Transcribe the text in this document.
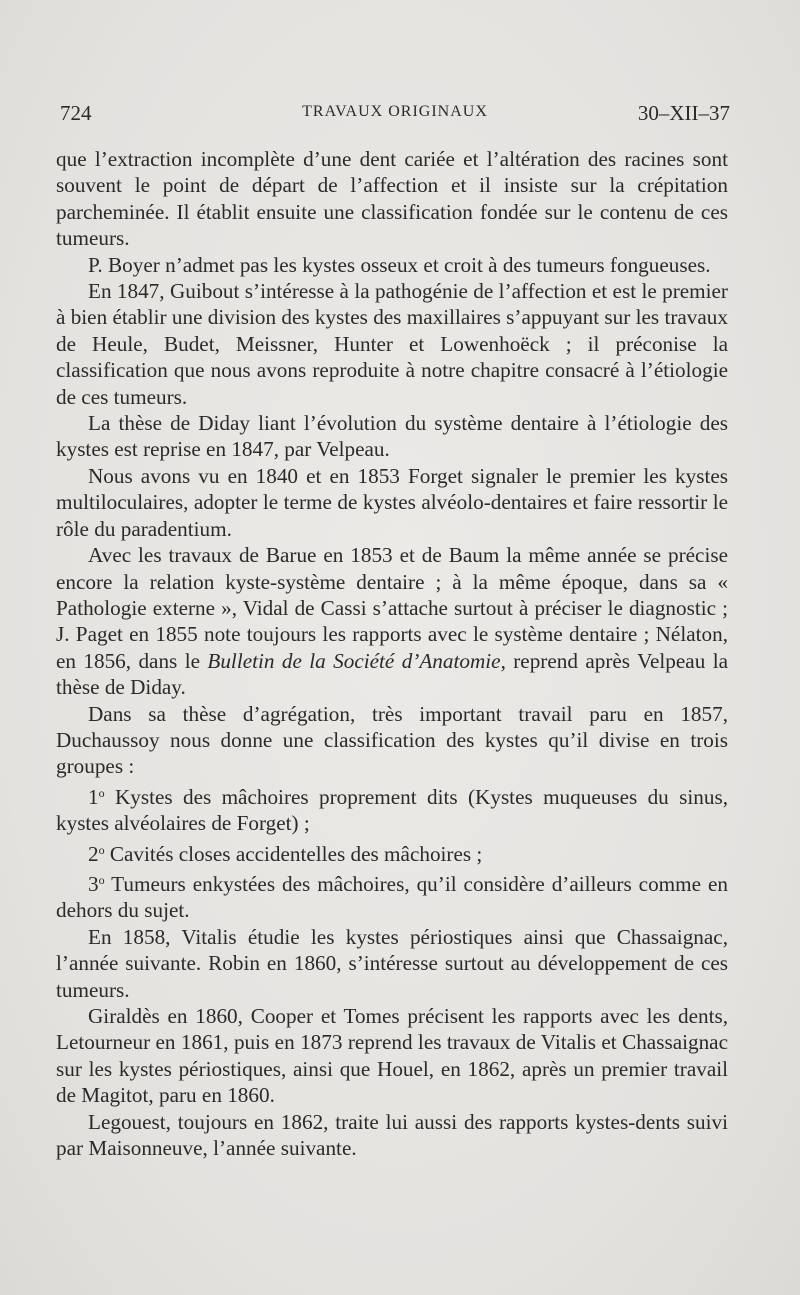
724	TRAVAUX ORIGINAUX	30–XII–37

que l’extraction incomplète d’une dent cariée et l’altération des racines sont souvent le point de départ de l’affection et il insiste sur la crépitation parcheminée. Il établit ensuite une classification fondée sur le contenu de ces tumeurs.

P. Boyer n’admet pas les kystes osseux et croit à des tumeurs fongueuses.

En 1847, Guibout s’intéresse à la pathogénie de l’affection et est le premier à bien établir une division des kystes des maxillaires s’appuyant sur les travaux de Heule, Budet, Meissner, Hunter et Lowenhoëck ; il préconise la classification que nous avons reproduite à notre chapitre consacré à l’étiologie de ces tumeurs.

La thèse de Diday liant l’évolution du système dentaire à l’étiologie des kystes est reprise en 1847, par Velpeau.

Nous avons vu en 1840 et en 1853 Forget signaler le premier les kystes multiloculaires, adopter le terme de kystes alvéolo-dentaires et faire ressortir le rôle du paradentium.

Avec les travaux de Barue en 1853 et de Baum la même année se précise encore la relation kyste-système dentaire ; à la même époque, dans sa « Pathologie externe », Vidal de Cassi s’attache surtout à préciser le diagnostic ; J. Paget en 1855 note toujours les rapports avec le système dentaire ; Nélaton, en 1856, dans le Bulletin de la Société d’Anatomie, reprend après Velpeau la thèse de Diday.

Dans sa thèse d’agrégation, très important travail paru en 1857, Duchaussoy nous donne une classification des kystes qu’il divise en trois groupes :

1$^o$ Kystes des mâchoires proprement dits (Kystes muqueuses du sinus, kystes alvéolaires de Forget) ;

2$^o$ Cavités closes accidentelles des mâchoires ;

3$^o$ Tumeurs enkystées des mâchoires, qu’il considère d’ailleurs comme en dehors du sujet.

En 1858, Vitalis étudie les kystes périostiques ainsi que Chassaignac, l’année suivante. Robin en 1860, s’intéresse surtout au développement de ces tumeurs.

Giraldès en 1860, Cooper et Tomes précisent les rapports avec les dents, Letourneur en 1861, puis en 1873 reprend les travaux de Vitalis et Chassaignac sur les kystes périostiques, ainsi que Houel, en 1862, après un premier travail de Magitot, paru en 1860.

Legouest, toujours en 1862, traite lui aussi des rapports kystes-dents suivi par Maisonneuve, l’année suivante.
